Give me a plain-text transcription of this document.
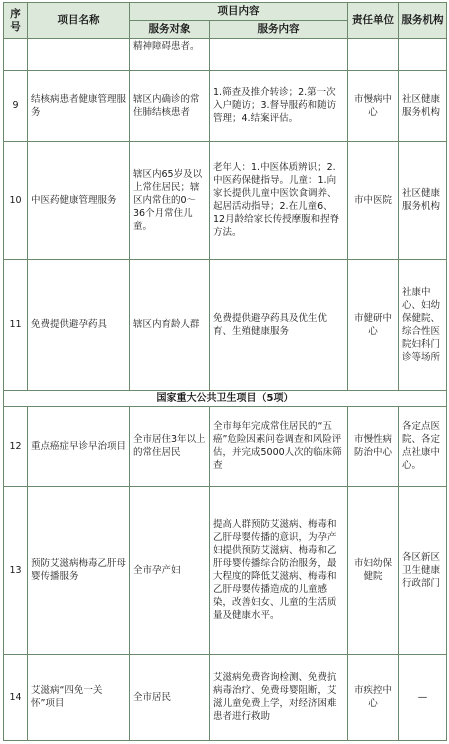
序号	项目名称	项目内容		责任单位	服务机构
		服务对象	服务内容		
		精神障碍患者。			
9	结核病患者健康管理服务	辖区内确诊的常住肺结核患者	1.筛查及推介转诊；2.第一次入户随访；3.督导服药和随访管理；4.结案评估。	市慢病中心	社区健康服务机构
10	中医药健康管理服务	辖区内65岁及以上常住居民；辖区内常住的0～36个月常住儿童。	老年人：1.中医体质辨识；2.中医药保健指导。儿童：1.向家长提供儿童中医饮食调养、起居活动指导；2.在儿童6、12月龄给家长传授摩腹和捏脊方法。	市中医院	社区健康服务机构
11	免费提供避孕药具	辖区内育龄人群	免费提供避孕药具及优生优育、生殖健康服务	市健研中心	社康中心、妇幼保健院、综合性医院妇科门诊等场所
国家重大公共卫生项目（5项）					
12	重点癌症早诊早治项目	全市居住3年以上的常住居民	全市每年完成常住居民的“五癌”危险因素问卷调查和风险评估，并完成5000人次的临床筛查	市慢性病防治中心	各定点医院、各定点社康中心。
13	预防艾滋病梅毒乙肝母婴传播服务	全市孕产妇	提高人群预防艾滋病、梅毒和乙肝母婴传播的意识，为孕产妇提供预防艾滋病、梅毒和乙肝母婴传播综合防治服务，最大程度的降低艾滋病、梅毒和乙肝母婴传播造成的儿童感染，改善妇女、儿童的生活质量及健康水平。	市妇幼保健院	各区新区卫生健康行政部门
14	艾滋病“四免一关怀”项目	全市居民	艾滋病免费咨询检测、免费抗病毒治疗、免费母婴阻断，艾滋儿童免费上学，对经济困难患者进行救助	市疾控中心	—
